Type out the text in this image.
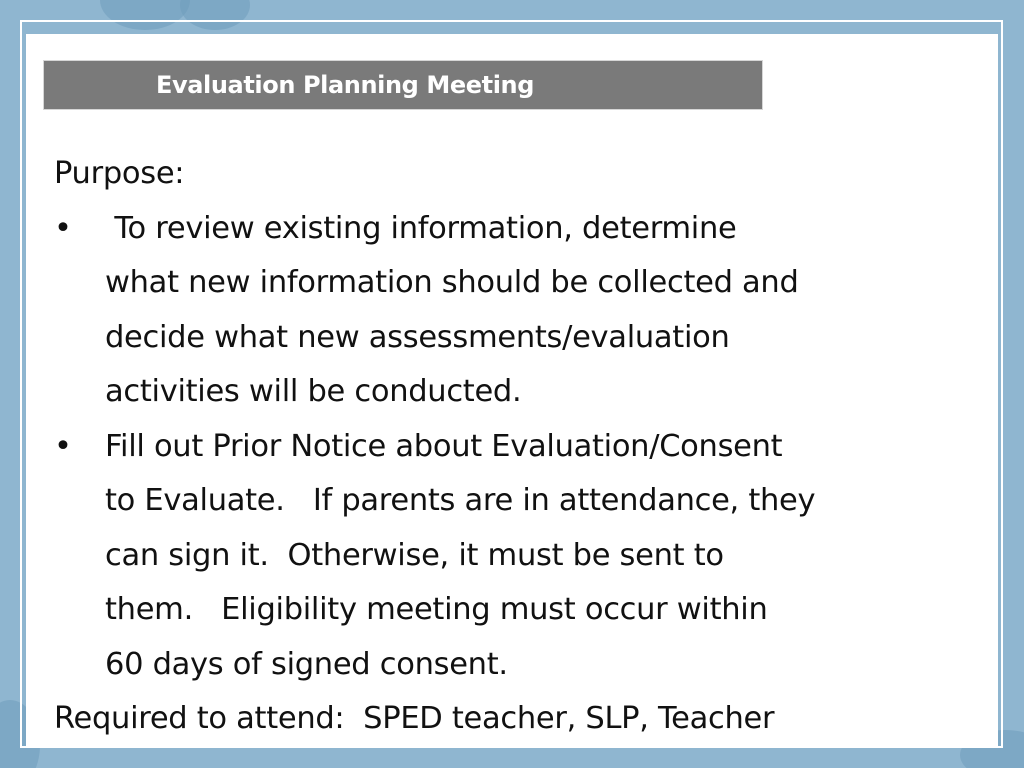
Evaluation Planning Meeting
Purpose:
• To review existing information, determine
what new information should be collected and
decide what new assessments/evaluation
activities will be conducted.
• Fill out Prior Notice about Evaluation/Consent
to Evaluate.   If parents are in attendance, they
can sign it.  Otherwise, it must be sent to
them.   Eligibility meeting must occur within
60 days of signed consent.
Required to attend:  SPED teacher, SLP, Teacher
